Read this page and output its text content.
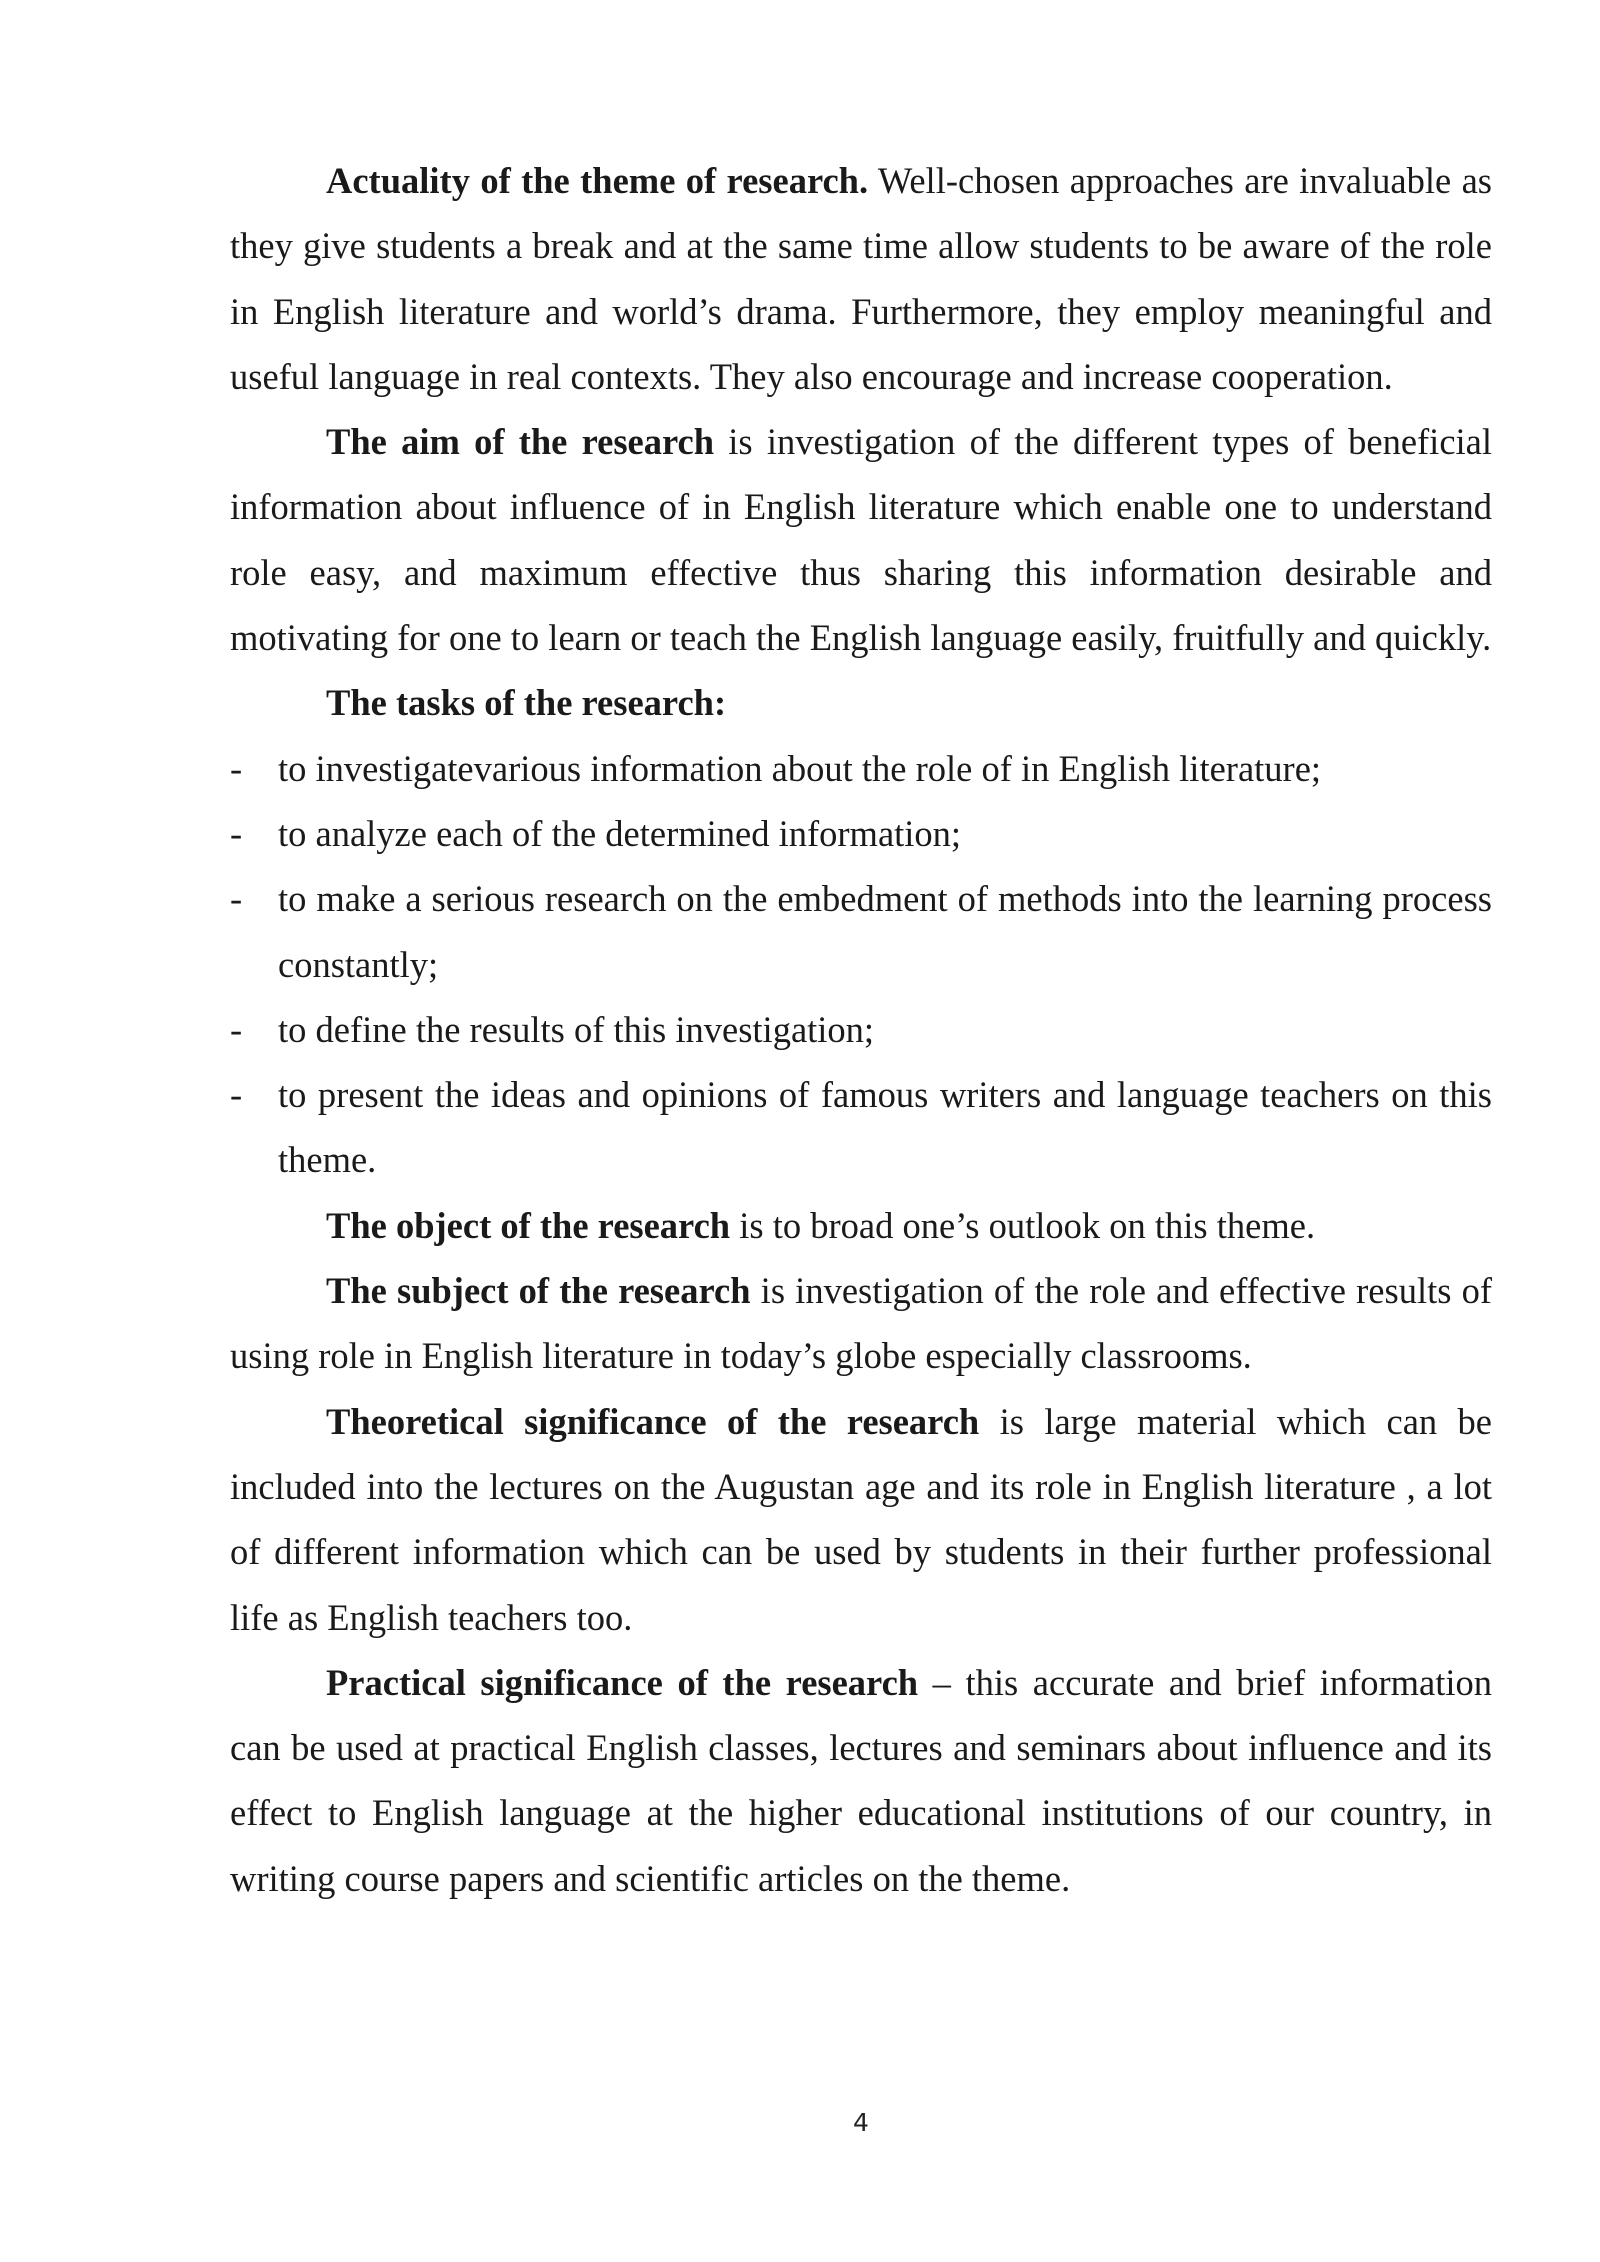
Actuality of the theme of research. Well-chosen approaches are invaluable as they give students a break and at the same time allow students to be aware of the role in English literature and world’s drama. Furthermore, they employ meaningful and useful language in real contexts. They also encourage and increase cooperation.

The aim of the research is investigation of the different types of beneficial information about influence of in English literature which enable one to understand role easy, and maximum effective thus sharing this information desirable and motivating for one to learn or teach the English language easily, fruitfully and quickly.

The tasks of the research:

- to investigatevarious information about the role of in English literature;
- to analyze each of the determined information;
- to make a serious research on the embedment of methods into the learning process constantly;
- to define the results of this investigation;
- to present the ideas and opinions of famous writers and language teachers on this theme.

The object of the research is to broad one’s outlook on this theme.

The subject of the research is investigation of the role and effective results of using role in English literature in today’s globe especially classrooms.

Theoretical significance of the research is large material which can be included into the lectures on the Augustan age and its role in English literature , a lot of different information which can be used by students in their further professional life as English teachers too.

Practical significance of the research – this accurate and brief information can be used at practical English classes, lectures and seminars about influence and its effect to English language at the higher educational institutions of our country, in writing course papers and scientific articles on the theme.

4
